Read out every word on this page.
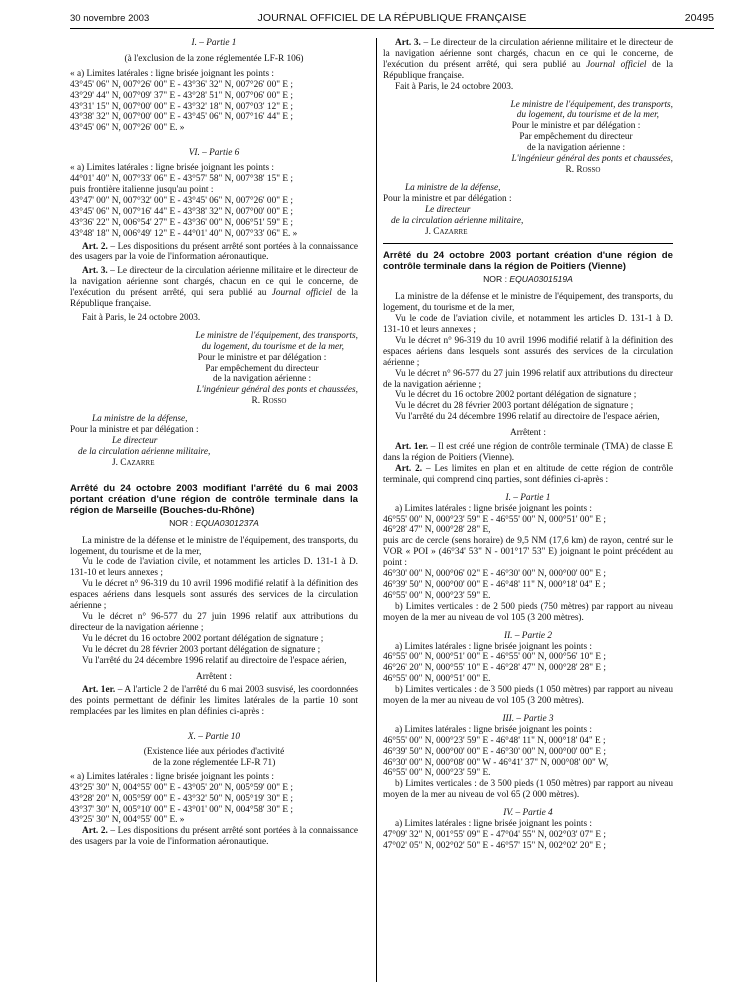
30 novembre 2003	JOURNAL OFFICIEL DE LA RÉPUBLIQUE FRANÇAISE	20495

I. – Partie 1

(à l'exclusion de la zone réglementée LF-R 106)

« a) Limites latérales : ligne brisée joignant les points :

43°45' 06" N, 007°26' 00" E - 43°36' 32" N, 007°26' 00" E ;

43°29' 44" N, 007°09' 37" E - 43°28' 51" N, 007°06' 00" E ;

43°31' 15" N, 007°00' 00" E - 43°32' 18" N, 007°03' 12" E ;

43°38' 32" N, 007°00' 00" E - 43°45' 06" N, 007°16' 44" E ;

43°45' 06" N, 007°26' 00" E. »

VI. – Partie 6

« a) Limites latérales : ligne brisée joignant les points :

44°01' 40" N, 007°33' 06" E - 43°57' 58" N, 007°38' 15" E ;

puis frontière italienne jusqu'au point :

43°47' 00" N, 007°32' 00" E - 43°45' 06" N, 007°26' 00" E ;

43°45' 06" N, 007°16' 44" E - 43°38' 32" N, 007°00' 00" E ;

43°36' 22" N, 006°54' 27" E - 43°36' 00" N, 006°51' 59" E ;

43°48' 18" N, 006°49' 12" E - 44°01' 40" N, 007°33' 06" E. »

Art. 2. – Les dispositions du présent arrêté sont portées à la connaissance des usagers par la voie de l'information aéronautique.

Art. 3. – Le directeur de la circulation aérienne militaire et le directeur de la navigation aérienne sont chargés, chacun en ce qui le concerne, de l'exécution du présent arrêté, qui sera publié au Journal officiel de la République française.

Fait à Paris, le 24 octobre 2003.

Le ministre de l'équipement, des transports,

du logement, du tourisme et de la mer,

Pour le ministre et par délégation :

Par empêchement du directeur

de la navigation aérienne :

L'ingénieur général des ponts et chaussées,

R. Rosso

La ministre de la défense,

Pour la ministre et par délégation :

Le directeur

de la circulation aérienne militaire,

J. Cazarre

Arrêté du 24 octobre 2003 modifiant l'arrêté du 6 mai 2003 portant création d'une région de contrôle terminale dans la région de Marseille (Bouches-du-Rhône)

NOR : EQUA0301237A

La ministre de la défense et le ministre de l'équipement, des transports, du logement, du tourisme et de la mer,

Vu le code de l'aviation civile, et notamment les articles D. 131-1 à D. 131-10 et leurs annexes ;

Vu le décret n° 96-319 du 10 avril 1996 modifié relatif à la définition des espaces aériens dans lesquels sont assurés des services de la circulation aérienne ;

Vu le décret n° 96-577 du 27 juin 1996 relatif aux attributions du directeur de la navigation aérienne ;

Vu le décret du 16 octobre 2002 portant délégation de signature ;

Vu le décret du 28 février 2003 portant délégation de signature ;

Vu l'arrêté du 24 décembre 1996 relatif au directoire de l'espace aérien,

Arrêtent :

Art. 1er. – A l'article 2 de l'arrêté du 6 mai 2003 susvisé, les coordonnées des points permettant de définir les limites latérales de la partie 10 sont remplacées par les limites en plan définies ci-après :

X. – Partie 10

(Existence liée aux périodes d'activité

de la zone réglementée LF-R 71)

« a) Limites latérales : ligne brisée joignant les points :

43°25' 30" N, 004°55' 00" E - 43°05' 20" N, 005°59' 00" E ;

43°28' 20" N, 005°59' 00" E - 43°32' 50" N, 005°19' 30" E ;

43°37' 30" N, 005°10' 00" E - 43°01' 00" N, 004°58' 30" E ;

43°25' 30" N, 004°55' 00" E. »

Art. 2. – Les dispositions du présent arrêté sont portées à la connaissance des usagers par la voie de l'information aéronautique.

Art. 3. – Le directeur de la circulation aérienne militaire et le directeur de la navigation aérienne sont chargés, chacun en ce qui le concerne, de l'exécution du présent arrêté, qui sera publié au Journal officiel de la République française.

Fait à Paris, le 24 octobre 2003.

Le ministre de l'équipement, des transports,

du logement, du tourisme et de la mer,

Pour le ministre et par délégation :

Par empêchement du directeur

de la navigation aérienne :

L'ingénieur général des ponts et chaussées,

R. Rosso

La ministre de la défense,

Pour la ministre et par délégation :

Le directeur

de la circulation aérienne militaire,

J. Cazarre

Arrêté du 24 octobre 2003 portant création d'une région de contrôle terminale dans la région de Poitiers (Vienne)

NOR : EQUA0301519A

La ministre de la défense et le ministre de l'équipement, des transports, du logement, du tourisme et de la mer,

Vu le code de l'aviation civile, et notamment les articles D. 131-1 à D. 131-10 et leurs annexes ;

Vu le décret n° 96-319 du 10 avril 1996 modifié relatif à la définition des espaces aériens dans lesquels sont assurés des services de la circulation aérienne ;

Vu le décret n° 96-577 du 27 juin 1996 relatif aux attributions du directeur de la navigation aérienne ;

Vu le décret du 16 octobre 2002 portant délégation de signature ;

Vu le décret du 28 février 2003 portant délégation de signature ;

Vu l'arrêté du 24 décembre 1996 relatif au directoire de l'espace aérien,

Arrêtent :

Art. 1er. – Il est créé une région de contrôle terminale (TMA) de classe E dans la région de Poitiers (Vienne).

Art. 2. – Les limites en plan et en altitude de cette région de contrôle terminale, qui comprend cinq parties, sont définies ci-après :

I. – Partie 1

a) Limites latérales : ligne brisée joignant les points :

46°55' 00" N, 000°23' 59" E - 46°55' 00" N, 000°51' 00" E ;

46°28' 47" N, 000°28' 28" E,

puis arc de cercle (sens horaire) de 9,5 NM (17,6 km) de rayon, centré sur le VOR « POI » (46°34' 53" N - 001°17' 53" E) joignant le point précédent au point :

46°30' 00" N, 000°06' 02" E - 46°30' 00" N, 000°00' 00" E ;

46°39' 50" N, 000°00' 00" E - 46°48' 11" N, 000°18' 04" E ;

46°55' 00" N, 000°23' 59" E.

b) Limites verticales : de 2 500 pieds (750 mètres) par rapport au niveau moyen de la mer au niveau de vol 105 (3 200 mètres).

II. – Partie 2

a) Limites latérales : ligne brisée joignant les points :

46°55' 00" N, 000°51' 00" E - 46°55' 00" N, 000°56' 10" E ;

46°26' 20" N, 000°55' 10" E - 46°28' 47" N, 000°28' 28" E ;

46°55' 00" N, 000°51' 00" E.

b) Limites verticales : de 3 500 pieds (1 050 mètres) par rapport au niveau moyen de la mer au niveau de vol 105 (3 200 mètres).

III. – Partie 3

a) Limites latérales : ligne brisée joignant les points :

46°55' 00" N, 000°23' 59" E - 46°48' 11" N, 000°18' 04" E ;

46°39' 50" N, 000°00' 00" E - 46°30' 00" N, 000°00' 00" E ;

46°30' 00" N, 000°08' 00" W - 46°41' 37" N, 000°08' 00" W,

46°55' 00" N, 000°23' 59" E.

b) Limites verticales : de 3 500 pieds (1 050 mètres) par rapport au niveau moyen de la mer au niveau de vol 65 (2 000 mètres).

IV. – Partie 4

a) Limites latérales : ligne brisée joignant les points :

47°09' 32" N, 001°55' 09" E - 47°04' 55" N, 002°03' 07" E ;

47°02' 05" N, 002°02' 50" E - 46°57' 15" N, 002°02' 20" E ;
